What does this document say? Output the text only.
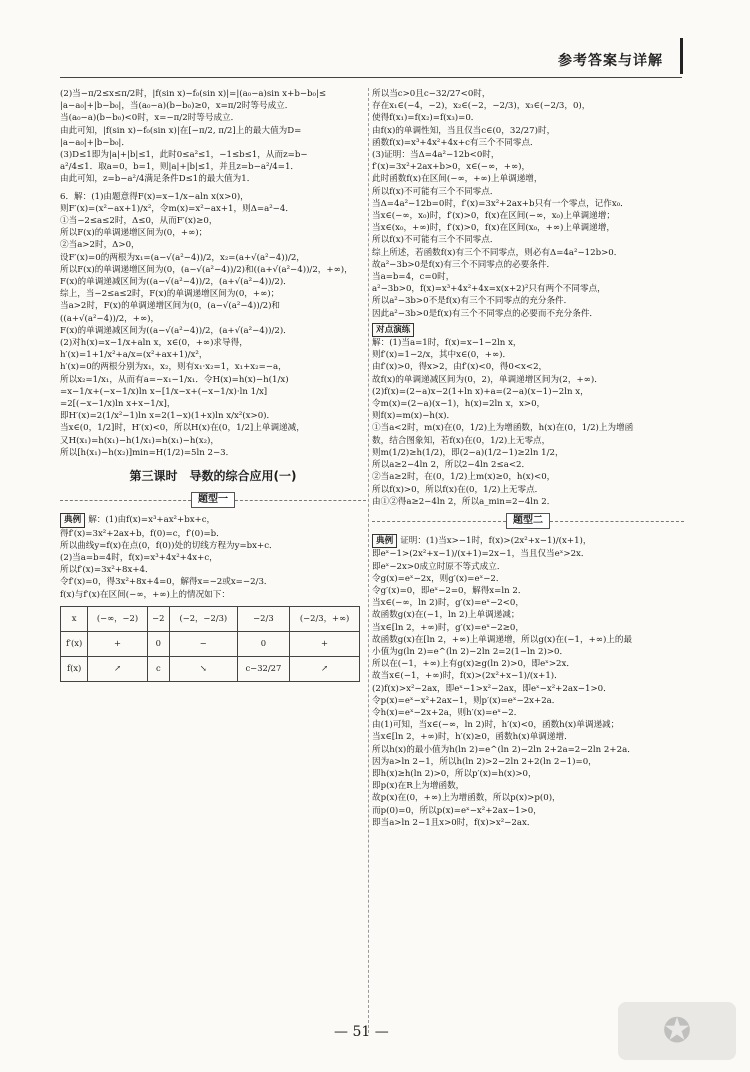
参考答案与详解
(2)当−π/2≤x≤π/2时，|f(sin x)−f₀(sin x)|=|(a₀−a)sin x+b−b₀|≤
|a−a₀|+|b−b₀|，当(a₀−a)(b−b₀)≥0，x=π/2时等号成立．
当(a₀−a)(b−b₀)<0时，x=−π/2时等号成立．
由此可知，|f(sin x)−f₀(sin x)|在[−π/2, π/2]上的最大值为D=
|a−a₀|+|b−b₀|．
(3)D≤1即为|a|+|b|≤1，此时0≤a²≤1，−1≤b≤1，从而z=b−
a²/4≤1．取a=0，b=1，则|a|+|b|≤1，并且z=b−a²/4=1．
由此可知，z=b−a²/4满足条件D≤1的最大值为1．
6．解：(1)由题意得F(x)=x−1/x−aln x(x>0)，
则F′(x)=(x²−ax+1)/x²，令m(x)=x²−ax+1，则Δ=a²−4．
①当−2≤a≤2时，Δ≤0，从而F′(x)≥0，
所以F(x)的单调递增区间为(0，+∞)；
②当a>2时，Δ>0，
设F′(x)=0的两根为x₁=(a−√(a²−4))/2，x₂=(a+√(a²−4))/2，
所以F(x)的单调递增区间为(0，(a−√(a²−4))/2)和((a+√(a²−4))/2，+∞)，
F(x)的单调递减区间为((a−√(a²−4))/2，(a+√(a²−4))/2)．
综上，当−2≤a≤2时，F(x)的单调递增区间为(0，+∞)；
当a>2时，F(x)的单调递增区间为(0，(a−√(a²−4))/2)和
((a+√(a²−4))/2，+∞)，
F(x)的单调递减区间为((a−√(a²−4))/2，(a+√(a²−4))/2)．
(2)对h(x)=x−1/x+aln x，x∈(0，+∞)求导得，
h′(x)=1+1/x²+a/x=(x²+ax+1)/x²，
h′(x)=0的两根分别为x₁，x₂，则有x₁·x₂=1，x₁+x₂=−a，
所以x₂=1/x₁，从而有a=−x₁−1/x₁．令H(x)=h(x)−h(1/x)
=x−1/x+(−x−1/x)ln x−[1/x−x+(−x−1/x)·ln 1/x]
=2[(−x−1/x)ln x+x−1/x]，
即H′(x)=2(1/x²−1)ln x=2(1−x)(1+x)ln x/x²(x>0)．
当x∈(0，1/2]时，H′(x)<0，所以H(x)在(0，1/2]上单调递减，
又H(x₁)=h(x₁)−h(1/x₁)=h(x₁)−h(x₂)，
所以[h(x₁)−h(x₂)]min=H(1/2)=5ln 2−3．
第三课时　导数的综合应用(一)
题型一
典例 解：(1)由f(x)=x³+ax²+bx+c，
得f′(x)=3x²+2ax+b，f(0)=c，f′(0)=b．
所以曲线y=f(x)在点(0，f(0))处的切线方程为y=bx+c．
(2)当a=b=4时，f(x)=x³+4x²+4x+c，
所以f′(x)=3x²+8x+4．
令f′(x)=0，得3x²+8x+4=0，解得x=−2或x=−2/3．
f(x)与f′(x)在区间(−∞，+∞)上的情况如下：
x	(−∞，−2)	−2	(−2，−2/3)	−2/3	(−2/3，+∞)
f′(x)	+	0	−	0	+
f(x)	↗	c	↘	c−32/27	↗
所以当c>0且c−32/27<0时，
存在x₁∈(−4，−2)，x₂∈(−2，−2/3)，x₃∈(−2/3，0)，
使得f(x₁)=f(x₂)=f(x₃)=0．
由f(x)的单调性知，当且仅当c∈(0，32/27)时，
函数f(x)=x³+4x²+4x+c有三个不同零点．
(3)证明：当Δ=4a²−12b<0时，
f′(x)=3x²+2ax+b>0，x∈(−∞，+∞)，
此时函数f(x)在区间(−∞，+∞)上单调递增，
所以f(x)不可能有三个不同零点．
当Δ=4a²−12b=0时，f′(x)=3x²+2ax+b只有一个零点，记作x₀．
当x∈(−∞，x₀)时，f′(x)>0，f(x)在区间(−∞，x₀)上单调递增；
当x∈(x₀，+∞)时，f′(x)>0，f(x)在区间(x₀，+∞)上单调递增，
所以f(x)不可能有三个不同零点．
综上所述，若函数f(x)有三个不同零点，则必有Δ=4a²−12b>0．
故a²−3b>0是f(x)有三个不同零点的必要条件．
当a=b=4，c=0时，
a²−3b>0，f(x)=x³+4x²+4x=x(x+2)²只有两个不同零点，
所以a²−3b>0不是f(x)有三个不同零点的充分条件．
因此a²−3b>0是f(x)有三个不同零点的必要而不充分条件．
对点演练
解：(1)当a=1时，f(x)=x−1−2ln x，
则f′(x)=1−2/x，其中x∈(0，+∞)．
由f′(x)>0，得x>2，由f′(x)<0，得0<x<2，
故f(x)的单调递减区间为(0，2)，单调递增区间为(2，+∞)．
(2)f(x)=(2−a)x−2(1+ln x)+a=(2−a)(x−1)−2ln x，
令m(x)=(2−a)(x−1)，h(x)=2ln x，x>0，
则f(x)=m(x)−h(x)．
①当a<2时，m(x)在(0，1/2)上为增函数，h(x)在(0，1/2)上为增函
数，结合图象知，若f(x)在(0，1/2)上无零点，
则m(1/2)≥h(1/2)，即(2−a)(1/2−1)≥2ln 1/2，
所以a≥2−4ln 2，所以2−4ln 2≤a<2．
②当a≥2时，在(0，1/2)上m(x)≥0，h(x)<0，
所以f(x)>0，所以f(x)在(0，1/2)上无零点．
由①②得a≥2−4ln 2，所以a_min=2−4ln 2．
题型二
典例 证明：(1)当x>−1时，f(x)>(2x²+x−1)/(x+1)，
即eˣ−1>(2x²+x−1)/(x+1)=2x−1，当且仅当eˣ>2x．
即eˣ−2x>0成立时原不等式成立．
令g(x)=eˣ−2x，则g′(x)=eˣ−2．
令g′(x)=0，即eˣ−2=0，解得x=ln 2．
当x∈(−∞，ln 2)时，g′(x)=eˣ−2<0，
故函数g(x)在(−1，ln 2)上单调递减；
当x∈[ln 2，+∞)时，g′(x)=eˣ−2≥0，
故函数g(x)在[ln 2，+∞)上单调递增，所以g(x)在(−1，+∞)上的最
小值为g(ln 2)=e^(ln 2)−2ln 2=2(1−ln 2)>0．
所以在(−1，+∞)上有g(x)≥g(ln 2)>0，即eˣ>2x．
故当x∈(−1，+∞)时，f(x)>(2x²+x−1)/(x+1)．
(2)f(x)>x²−2ax，即eˣ−1>x²−2ax，即eˣ−x²+2ax−1>0．
令p(x)=eˣ−x²+2ax−1，则p′(x)=eˣ−2x+2a．
令h(x)=eˣ−2x+2a，则h′(x)=eˣ−2．
由(1)可知，当x∈(−∞，ln 2)时，h′(x)<0，函数h(x)单调递减；
当x∈[ln 2，+∞)时，h′(x)≥0，函数h(x)单调递增．
所以h(x)的最小值为h(ln 2)=e^(ln 2)−2ln 2+2a=2−2ln 2+2a．
因为a>ln 2−1，所以h(ln 2)>2−2ln 2+2(ln 2−1)=0，
即h(x)≥h(ln 2)>0，所以p′(x)=h(x)>0，
即p(x)在R上为增函数，
故p(x)在(0，+∞)上为增函数，所以p(x)>p(0)，
而p(0)=0，所以p(x)=eˣ−x²+2ax−1>0，
即当a>ln 2−1且x>0时，f(x)>x²−2ax．
— 51 —	✪
